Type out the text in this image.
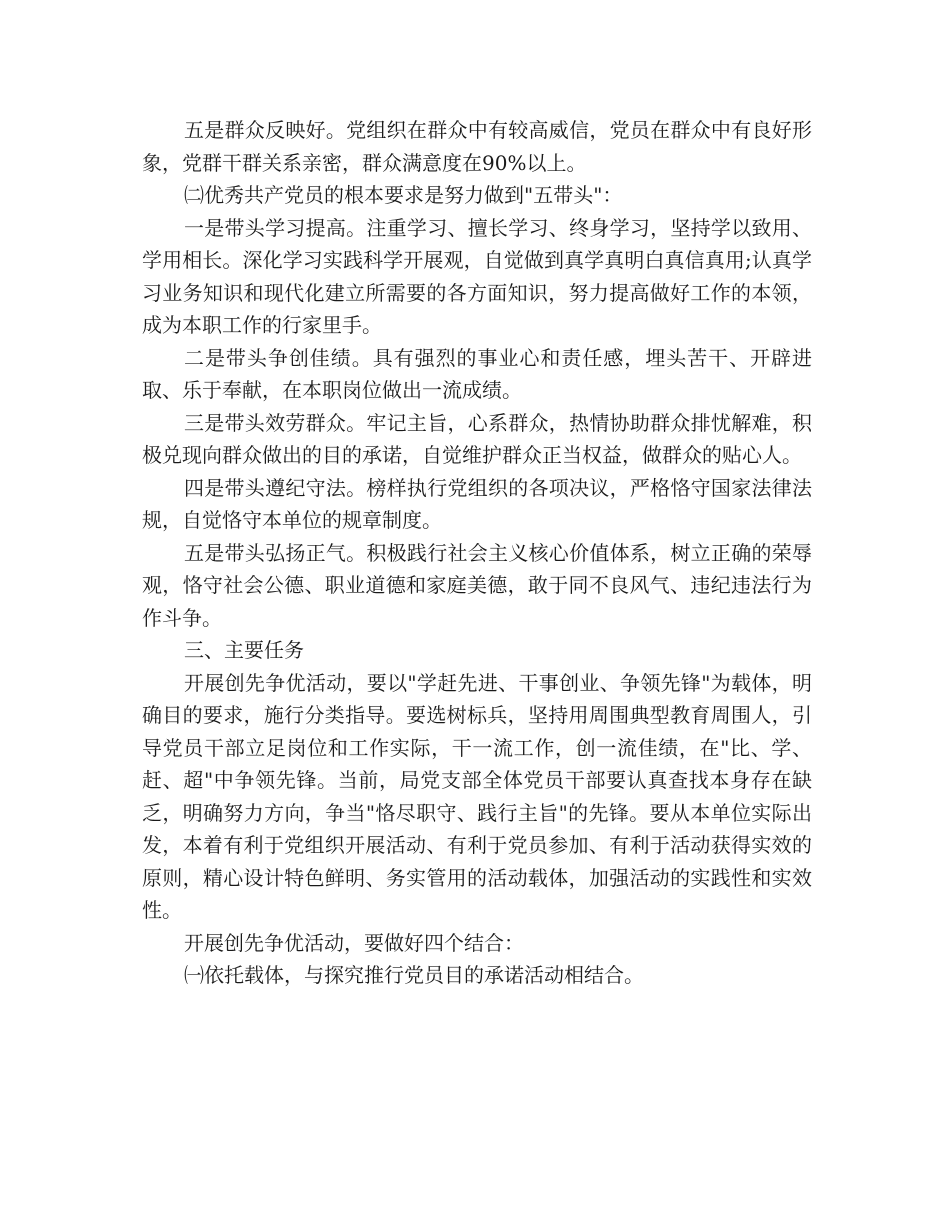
五是群众反映好。党组织在群众中有较高威信，党员在群众中有良好形象，党群干群关系亲密，群众满意度在90%以上。

㈡优秀共产党员的根本要求是努力做到"五带头"：

一是带头学习提高。注重学习、擅长学习、终身学习，坚持学以致用、学用相长。深化学习实践科学开展观，自觉做到真学真明白真信真用;认真学习业务知识和现代化建立所需要的各方面知识，努力提高做好工作的本领，成为本职工作的行家里手。

二是带头争创佳绩。具有强烈的事业心和责任感，埋头苦干、开辟进取、乐于奉献，在本职岗位做出一流成绩。

三是带头效劳群众。牢记主旨，心系群众，热情协助群众排忧解难，积极兑现向群众做出的目的承诺，自觉维护群众正当权益，做群众的贴心人。

四是带头遵纪守法。榜样执行党组织的各项决议，严格恪守国家法律法规，自觉恪守本单位的规章制度。

五是带头弘扬正气。积极践行社会主义核心价值体系，树立正确的荣辱观，恪守社会公德、职业道德和家庭美德，敢于同不良风气、违纪违法行为作斗争。

三、主要任务

开展创先争优活动，要以"学赶先进、干事创业、争领先锋"为载体，明确目的要求，施行分类指导。要选树标兵，坚持用周围典型教育周围人，引导党员干部立足岗位和工作实际，干一流工作，创一流佳绩，在"比、学、赶、超"中争领先锋。当前，局党支部全体党员干部要认真查找本身存在缺乏，明确努力方向，争当"恪尽职守、践行主旨"的先锋。要从本单位实际出发，本着有利于党组织开展活动、有利于党员参加、有利于活动获得实效的原则，精心设计特色鲜明、务实管用的活动载体，加强活动的实践性和实效性。

开展创先争优活动，要做好四个结合：

㈠依托载体，与探究推行党员目的承诺活动相结合。
